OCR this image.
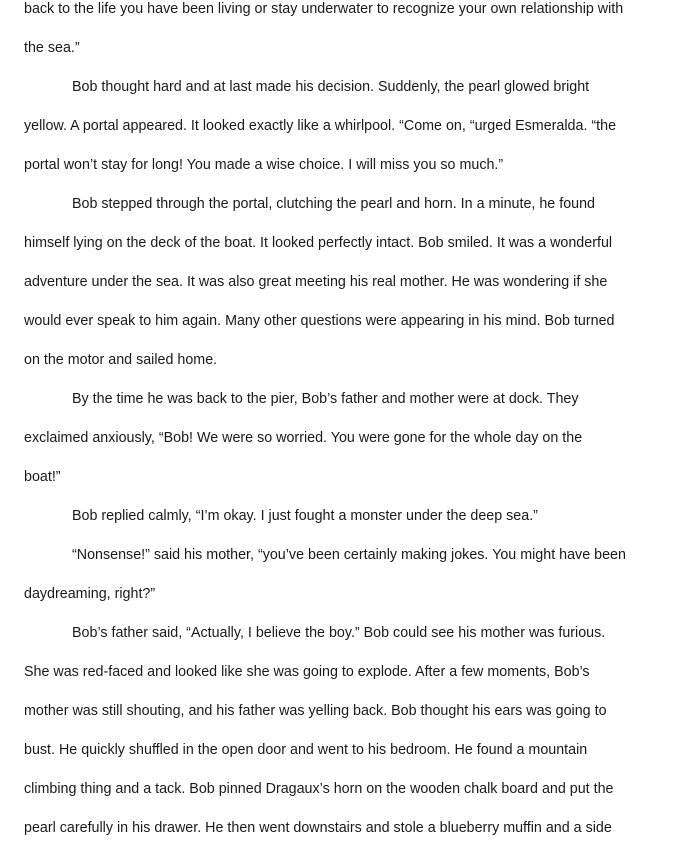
back to the life you have been living or stay underwater to recognize your own relationship with
the sea.”
Bob thought hard and at last made his decision. Suddenly, the pearl glowed bright
yellow. A portal appeared. It looked exactly like a whirlpool. “Come on, “urged Esmeralda. “the
portal won’t stay for long! You made a wise choice. I will miss you so much.”
Bob stepped through the portal, clutching the pearl and horn. In a minute, he found
himself lying on the deck of the boat. It looked perfectly intact. Bob smiled. It was a wonderful
adventure under the sea. It was also great meeting his real mother. He was wondering if she
would ever speak to him again. Many other questions were appearing in his mind. Bob turned
on the motor and sailed home.
By the time he was back to the pier, Bob’s father and mother were at dock. They
exclaimed anxiously, “Bob! We were so worried. You were gone for the whole day on the
boat!”
Bob replied calmly, “I’m okay. I just fought a monster under the deep sea.”
“Nonsense!” said his mother, “you’ve been certainly making jokes. You might have been
daydreaming, right?”
Bob’s father said, “Actually, I believe the boy.” Bob could see his mother was furious.
She was red-faced and looked like she was going to explode. After a few moments, Bob’s
mother was still shouting, and his father was yelling back. Bob thought his ears was going to
bust. He quickly shuffled in the open door and went to his bedroom. He found a mountain
climbing thing and a tack. Bob pinned Dragaux’s horn on the wooden chalk board and put the
pearl carefully in his drawer. He then went downstairs and stole a blueberry muffin and a side
